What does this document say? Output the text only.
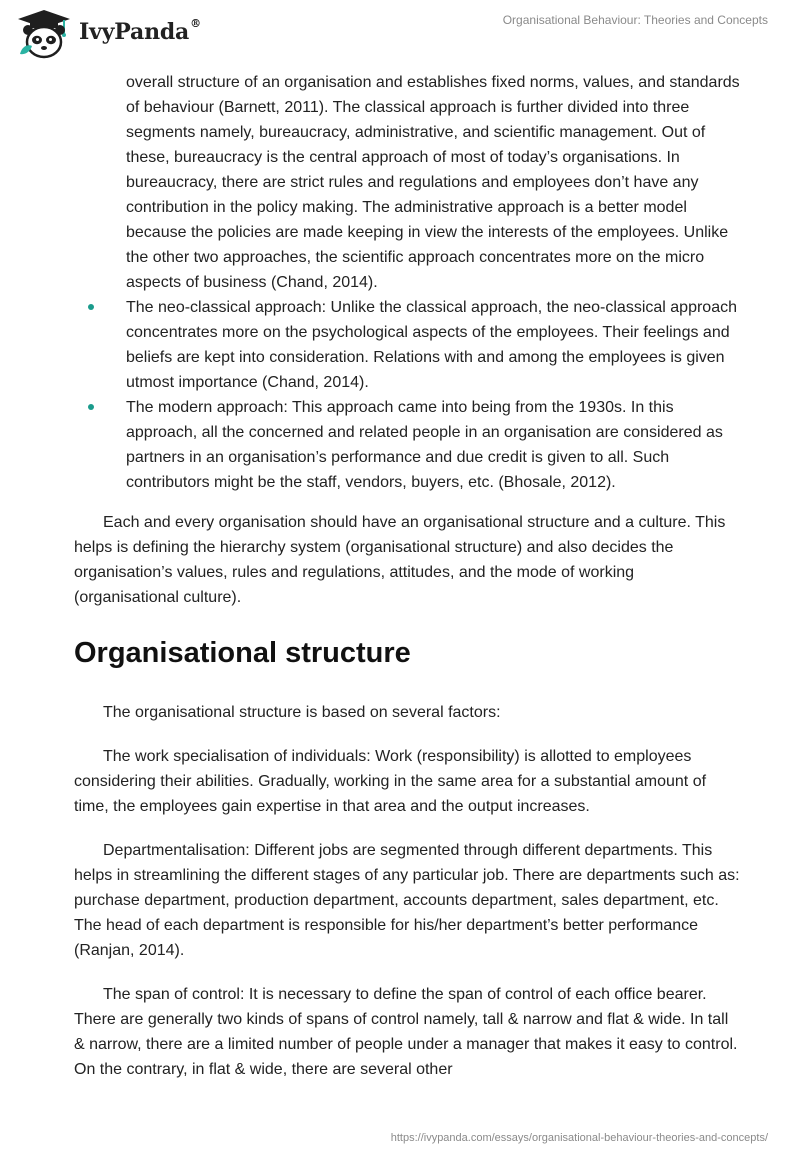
IvyPanda®	Organisational Behaviour: Theories and Concepts
overall structure of an organisation and establishes fixed norms, values, and standards of behaviour (Barnett, 2011). The classical approach is further divided into three segments namely, bureaucracy, administrative, and scientific management. Out of these, bureaucracy is the central approach of most of today’s organisations. In bureaucracy, there are strict rules and regulations and employees don’t have any contribution in the policy making. The administrative approach is a better model because the policies are made keeping in view the interests of the employees. Unlike the other two approaches, the scientific approach concentrates more on the micro aspects of business (Chand, 2014).
The neo-classical approach: Unlike the classical approach, the neo-classical approach concentrates more on the psychological aspects of the employees. Their feelings and beliefs are kept into consideration. Relations with and among the employees is given utmost importance (Chand, 2014).
The modern approach: This approach came into being from the 1930s. In this approach, all the concerned and related people in an organisation are considered as partners in an organisation’s performance and due credit is given to all. Such contributors might be the staff, vendors, buyers, etc. (Bhosale, 2012).

Each and every organisation should have an organisational structure and a culture. This helps is defining the hierarchy system (organisational structure) and also decides the organisation’s values, rules and regulations, attitudes, and the mode of working (organisational culture).

Organisational structure

The organisational structure is based on several factors:

The work specialisation of individuals: Work (responsibility) is allotted to employees considering their abilities. Gradually, working in the same area for a substantial amount of time, the employees gain expertise in that area and the output increases.

Departmentalisation: Different jobs are segmented through different departments. This helps in streamlining the different stages of any particular job. There are departments such as: purchase department, production department, accounts department, sales department, etc. The head of each department is responsible for his/her department’s better performance (Ranjan, 2014).

The span of control: It is necessary to define the span of control of each office bearer. There are generally two kinds of spans of control namely, tall & narrow and flat & wide. In tall & narrow, there are a limited number of people under a manager that makes it easy to control. On the contrary, in flat & wide, there are several other

https://ivypanda.com/essays/organisational-behaviour-theories-and-concepts/
